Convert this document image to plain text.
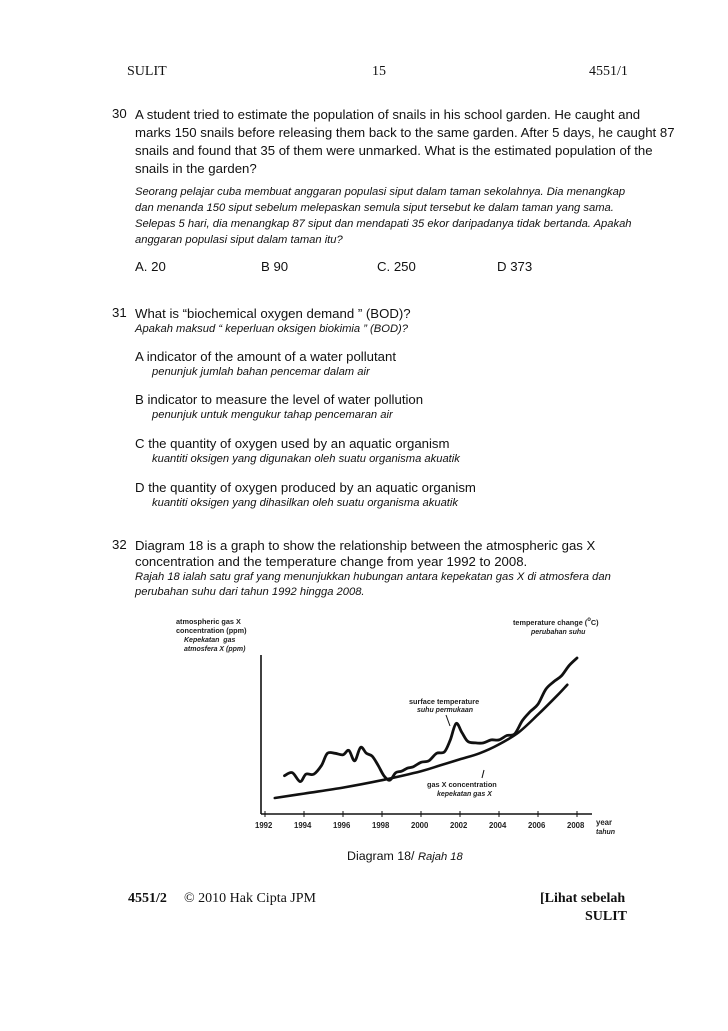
SULIT	15	4551/1
30 A student tried to estimate the population of snails in his school garden. He caught and
marks 150 snails before releasing them back to the same garden. After 5 days, he caught 87
snails and found that 35 of them were unmarked. What is the estimated population of the
snails in the garden?
Seorang pelajar cuba membuat anggaran populasi siput dalam taman sekolahnya. Dia menangkap
dan menanda 150 siput sebelum melepaskan semula siput tersebut ke dalam taman yang sama.
Selepas 5 hari, dia menangkap 87 siput dan mendapati 35 ekor daripadanya tidak bertanda. Apakah
anggaran populasi siput dalam taman itu?
A. 20	B 90	C. 250	D 373
31 What is “biochemical oxygen demand ” (BOD)?
Apakah maksud “ keperluan oksigen biokimia ” (BOD)?
A indicator of the amount of a water pollutant
penunjuk jumlah bahan pencemar dalam air
B indicator to measure the level of water pollution
penunjuk untuk mengukur tahap pencemaran air
C the quantity of oxygen used by an aquatic organism
kuantiti oksigen yang digunakan oleh suatu organisma akuatik
D the quantity of oxygen produced by an aquatic organism
kuantiti oksigen yang dihasilkan oleh suatu organisma akuatik
32 Diagram 18 is a graph to show the relationship between the atmospheric gas X
concentration and the temperature change from year 1992 to 2008.
Rajah 18 ialah satu graf yang menunjukkan hubungan antara kepekatan gas X di atmosfera dan
perubahan suhu dari tahun 1992 hingga 2008.
atmospheric gas X
concentration (ppm)
Kepekatan  gas
atmosfera X (ppm)
temperature change ($^o$C)
perubahan suhu
1992	1994	1996	1998	2000	2002	2004	2006	2008 year
tahun
surface temperature
suhu permukaan
gas X concentration
kepekatan gas X
Diagram 18/ Rajah 18
4551/2 © 2010 Hak Cipta JPM	[Lihat sebelah
SULIT
